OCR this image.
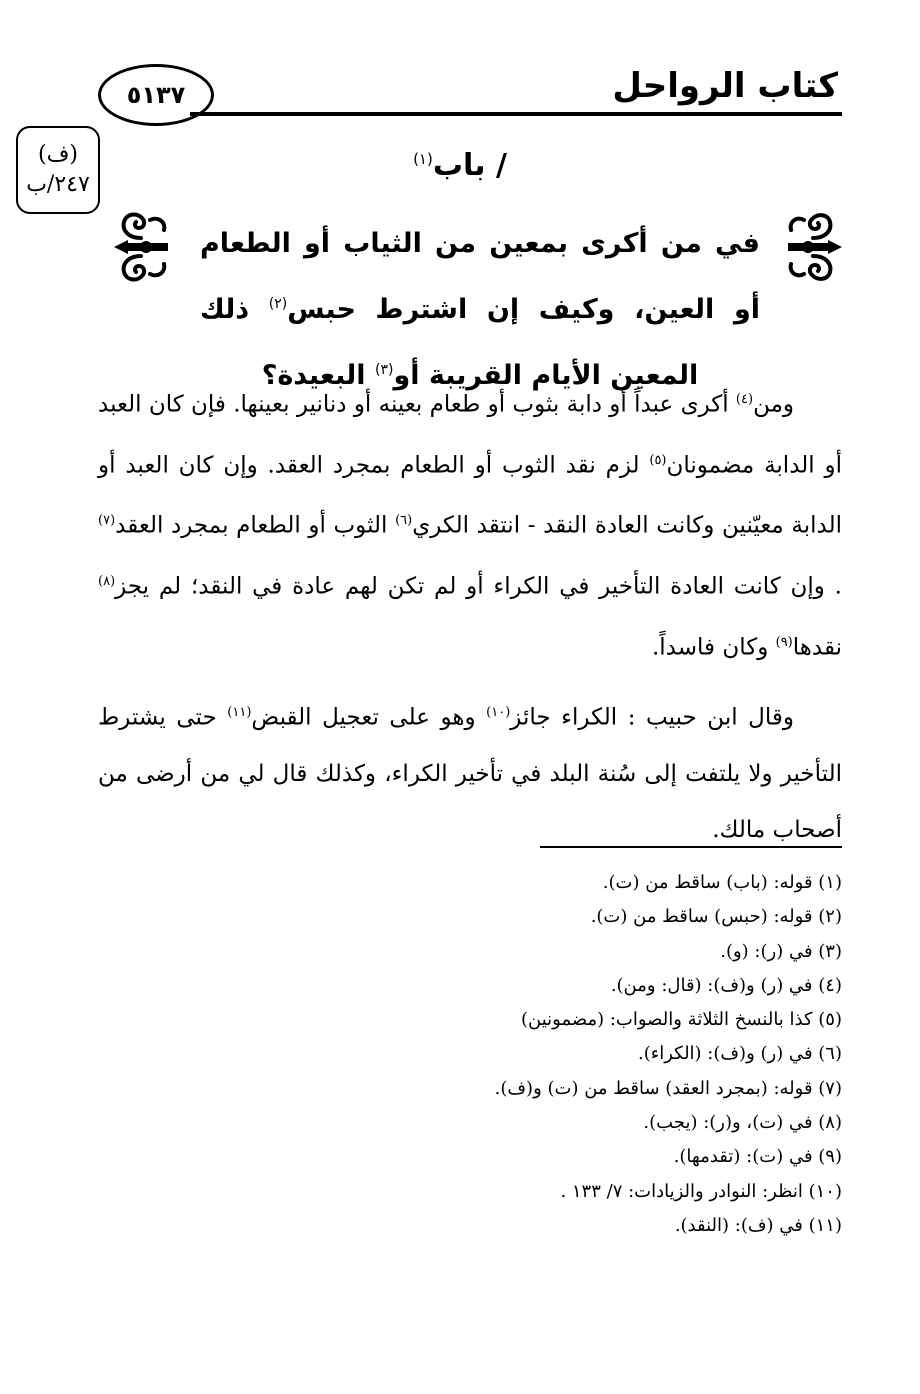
كتاب الرواحل
٥١٣٧
(ف)
٢٤٧/ب
/ باب$^{(١)}$
في من أكرى بمعين من الثياب أو الطعام أو العين، وكيف إن اشترط حبس$^{(٢)}$ ذلك المعين الأيام القريبة أو$^{(٣)}$ البعيدة؟

ومن$^{(٤)}$ أكرى عبداً أو دابة بثوب أو طعام بعينه أو دنانير بعينها. فإن كان العبد أو الدابة مضمونان$^{(٥)}$ لزم نقد الثوب أو الطعام بمجرد العقد. وإن كان العبد أو الدابة معيّنين وكانت العادة النقد - انتقد الكري$^{(٦)}$ الثوب أو الطعام بمجرد العقد$^{(٧)}$ . وإن كانت العادة التأخير في الكراء أو لم تكن لهم عادة في النقد؛ لم يجز$^{(٨)}$ نقدها$^{(٩)}$ وكان فاسداً.

وقال ابن حبيب : الكراء جائز$^{(١٠)}$ وهو على تعجيل القبض$^{(١١)}$ حتى يشترط التأخير ولا يلتفت إلى سُنة البلد في تأخير الكراء، وكذلك قال لي من أرضى من أصحاب مالك.

(١) قوله: (باب) ساقط من (ت).

(٢) قوله: (حبس) ساقط من (ت).

(٣) في (ر): (و).

(٤) في (ر) و(ف): (قال: ومن).

(٥) كذا بالنسخ الثلاثة والصواب: (مضمونين)

(٦) في (ر) و(ف): (الكراء).

(٧) قوله: (بمجرد العقد) ساقط من (ت) و(ف).

(٨) في (ت)، و(ر): (يجب).

(٩) في (ت): (تقدمها).

(١٠) انظر: النوادر والزيادات: ٧/ ١٣٣ .

(١١) في (ف): (النقد).
